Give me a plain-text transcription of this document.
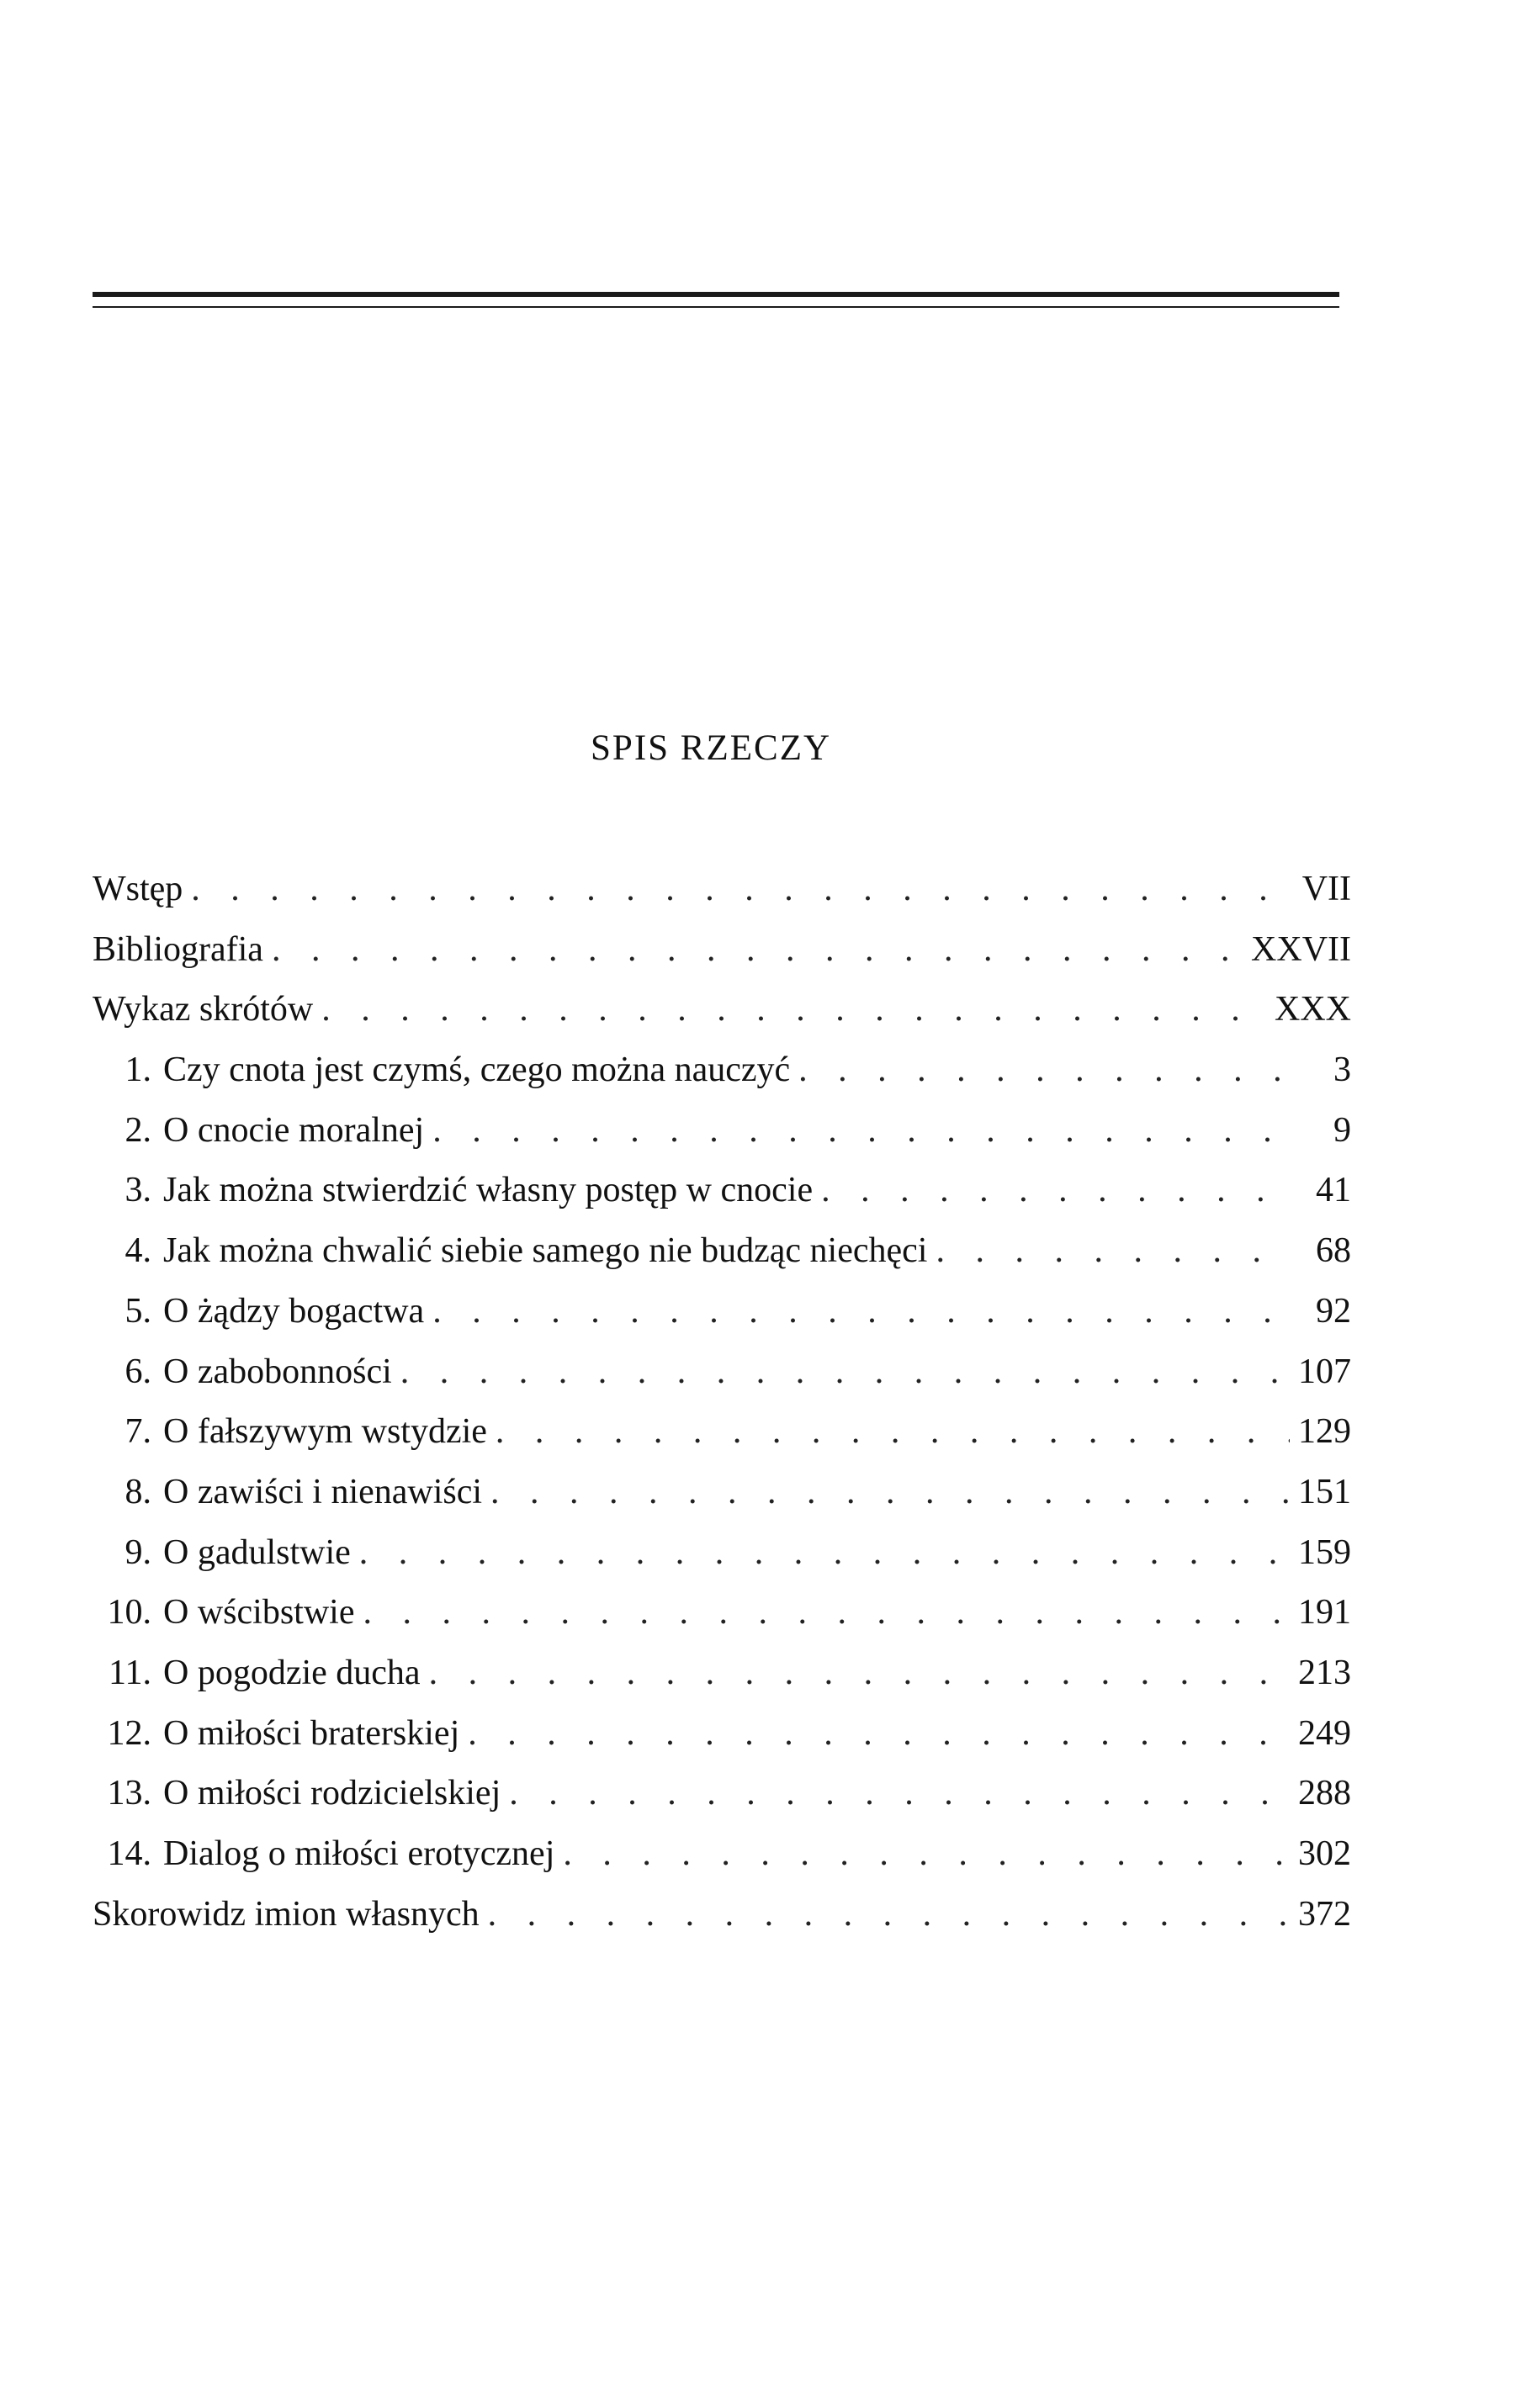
SPIS RZECZY
Wstęp . . .	VII
Bibliografia . . .	XXVII
Wykaz skrótów . . .	XXX
1. Czy cnota jest czymś, czego można nauczyć . . .	3
2. O cnocie moralnej . . .	9
3. Jak można stwierdzić własny postęp w cnocie . . .	41
4. Jak można chwalić siebie samego nie budząc niechęci . . .	68
5. O żądzy bogactwa . . .	92
6. O zabobonności . . .	107
7. O fałszywym wstydzie . . .	129
8. O zawiści i nienawiści . . .	151
9. O gadulstwie . . .	159
10. O wścibstwie . . .	191
11. O pogodzie ducha . . .	213
12. O miłości braterskiej . . .	249
13. O miłości rodzicielskiej . . .	288
14. Dialog o miłości erotycznej . . .	302
Skorowidz imion własnych . . .	372
